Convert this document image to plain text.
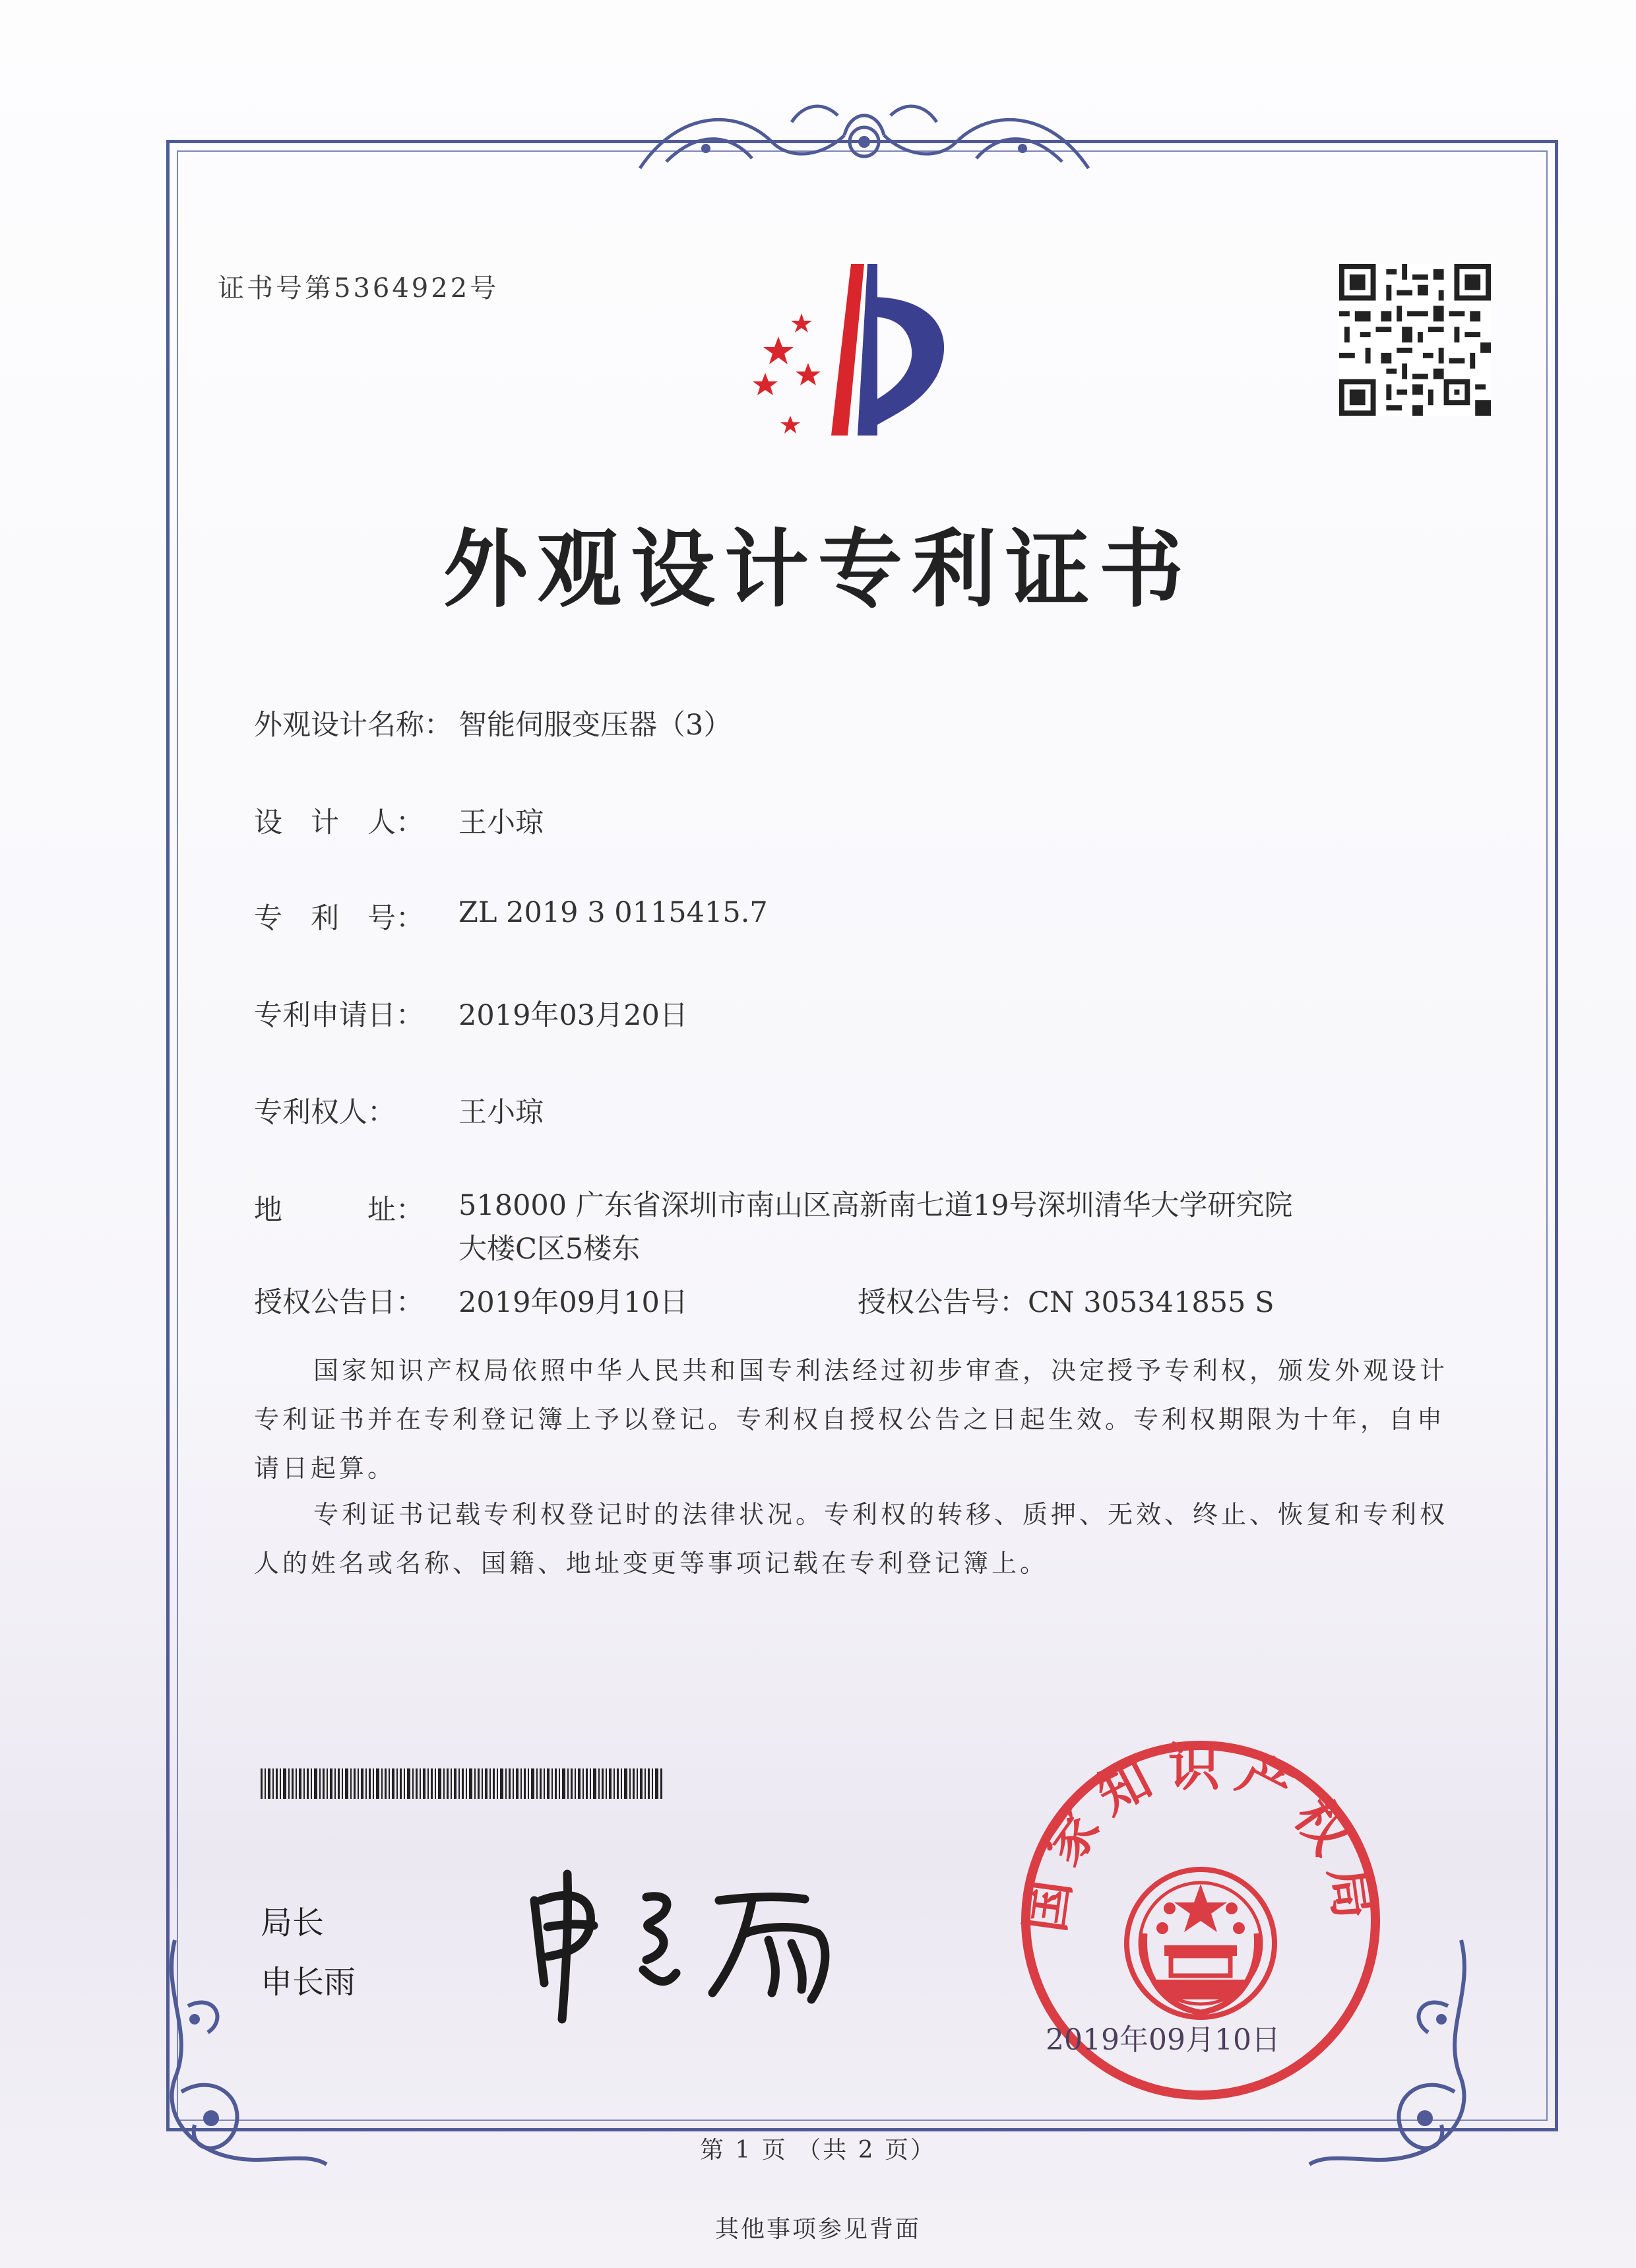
证书号第5364922号
外观设计专利证书
外观设计名称： 智能伺服变压器（3）
设　计　人： 王小琼
专　利　号： ZL 2019 3 0115415.7
专利申请日： 2019年03月20日
专利权人： 王小琼
地　　　址： 518000 广东省深圳市南山区高新南七道19号深圳清华大学研究院大楼C区5楼东
授权公告日： 2019年09月10日	授权公告号：CN 305341855 S
国家知识产权局依照中华人民共和国专利法经过初步审查，决定授予专利权，颁发外观设计专利证书并在专利登记簿上予以登记。专利权自授权公告之日起生效。专利权期限为十年，自申请日起算。
专利证书记载专利权登记时的法律状况。专利权的转移、质押、无效、终止、恢复和专利权人的姓名或名称、国籍、地址变更等事项记载在专利登记簿上。
局长
申长雨
国家知识产权局
2019年09月10日
第 1 页 （共 2 页）
其他事项参见背面
